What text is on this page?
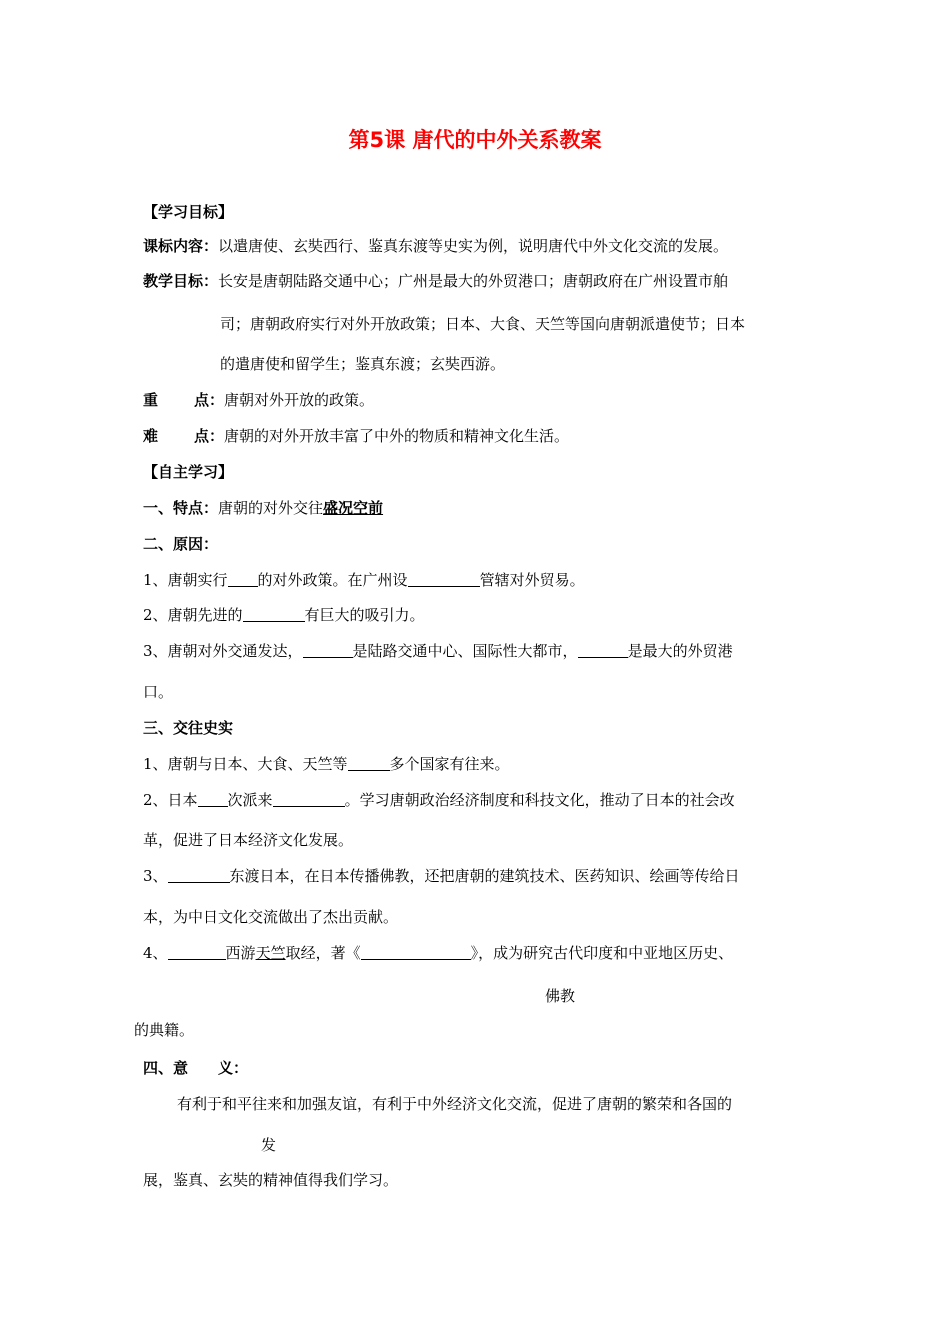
第5课 唐代的中外关系教案
【学习目标】
课标内容：以遣唐使、玄奘西行、鉴真东渡等史实为例，说明唐代中外文化交流的发展。
教学目标：长安是唐朝陆路交通中心；广州是最大的外贸港口；唐朝政府在广州设置市舶
司；唐朝政府实行对外开放政策；日本、大食、天竺等国向唐朝派遣使节；日本
的遣唐使和留学生；鉴真东渡；玄奘西游。
重 点：唐朝对外开放的政策。
难 点：唐朝的对外开放丰富了中外的物质和精神文化生活。
【自主学习】
一、特点：唐朝的对外交往盛况空前
二、原因：
1、唐朝实行 的对外政策。在广州设	管辖对外贸易。
2、唐朝先进的	有巨大的吸引力。
3、唐朝对外交通发达，	是陆路交通中心、国际性大都市，	是最大的外贸港
口。
三、交往史实
1、唐朝与日本、大食、天竺等	多个国家有往来。
2、日本 次派来	。学习唐朝政治经济制度和科技文化，推动了日本的社会改
革，促进了日本经济文化发展。
3、	东渡日本，在日本传播佛教，还把唐朝的建筑技术、医药知识、绘画等传给日
本，为中日文化交流做出了杰出贡献。
4、	西游天竺取经，著《	》，成为研究古代印度和中亚地区历史、
佛教
的典籍。
四、意　　义：
有利于和平往来和加强友谊，有利于中外经济文化交流，促进了唐朝的繁荣和各国的
发
展，鉴真、玄奘的精神值得我们学习。
